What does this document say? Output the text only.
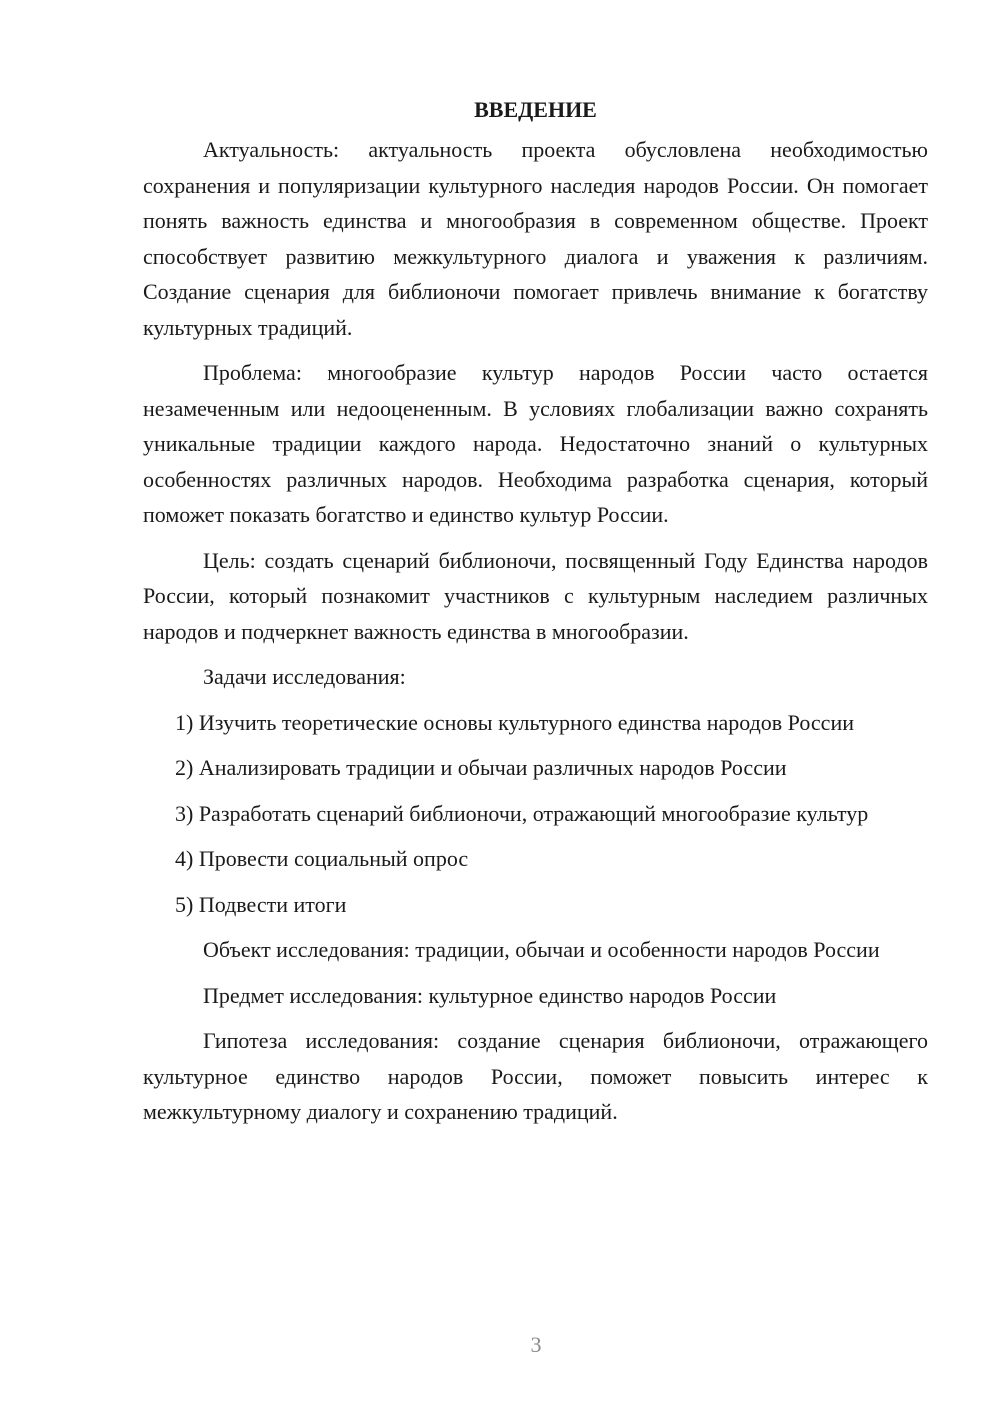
ВВЕДЕНИЕ

Актуальность: актуальность проекта обусловлена необходимостью сохранения и популяризации культурного наследия народов России. Он помогает понять важность единства и многообразия в современном обществе. Проект способствует развитию межкультурного диалога и уважения к различиям. Создание сценария для библионочи помогает привлечь внимание к богатству культурных традиций.

Проблема: многообразие культур народов России часто остается незамеченным или недооцененным. В условиях глобализации важно сохранять уникальные традиции каждого народа. Недостаточно знаний о культурных особенностях различных народов. Необходима разработка сценария, который поможет показать богатство и единство культур России.

Цель: создать сценарий библионочи, посвященный Году Единства народов России, который познакомит участников с культурным наследием различных народов и подчеркнет важность единства в многообразии.

Задачи исследования:

1) Изучить теоретические основы культурного единства народов России

2) Анализировать традиции и обычаи различных народов России

3) Разработать сценарий библионочи, отражающий многообразие культур

4) Провести социальный опрос

5) Подвести итоги

Объект исследования: традиции, обычаи и особенности народов России

Предмет исследования: культурное единство народов России

Гипотеза исследования: создание сценария библионочи, отражающего культурное единство народов России, поможет повысить интерес к межкультурному диалогу и сохранению традиций.

3
